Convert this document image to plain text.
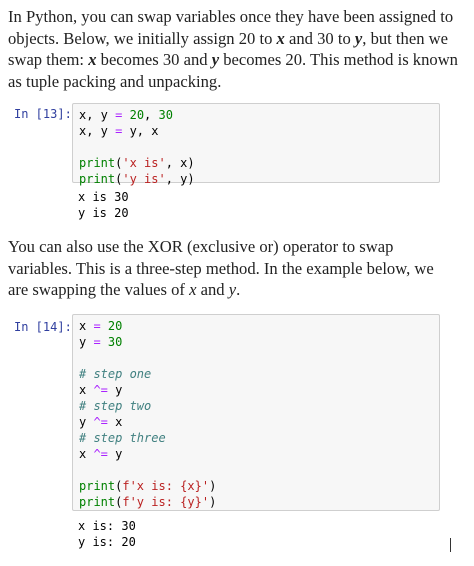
In Python, you can swap variables once they have been assigned to objects. Below, we initially assign 20 to x and 30 to y, but then we swap them: x becomes 30 and y becomes 20. This method is known as tuple packing and unpacking.
In [13]: x, y = 20, 30
x, y = y, x

print('x is', x)
print('y is', y)
x is 30
y is 20
You can also use the XOR (exclusive or) operator to swap variables. This is a three-step method. In the example below, we are swapping the values of x and y.
In [14]: x = 20
y = 30

# step one
x ^= y
# step two
y ^= x
# step three
x ^= y

print(f'x is: {x}')
print(f'y is: {y}')
x is: 30
y is: 20
